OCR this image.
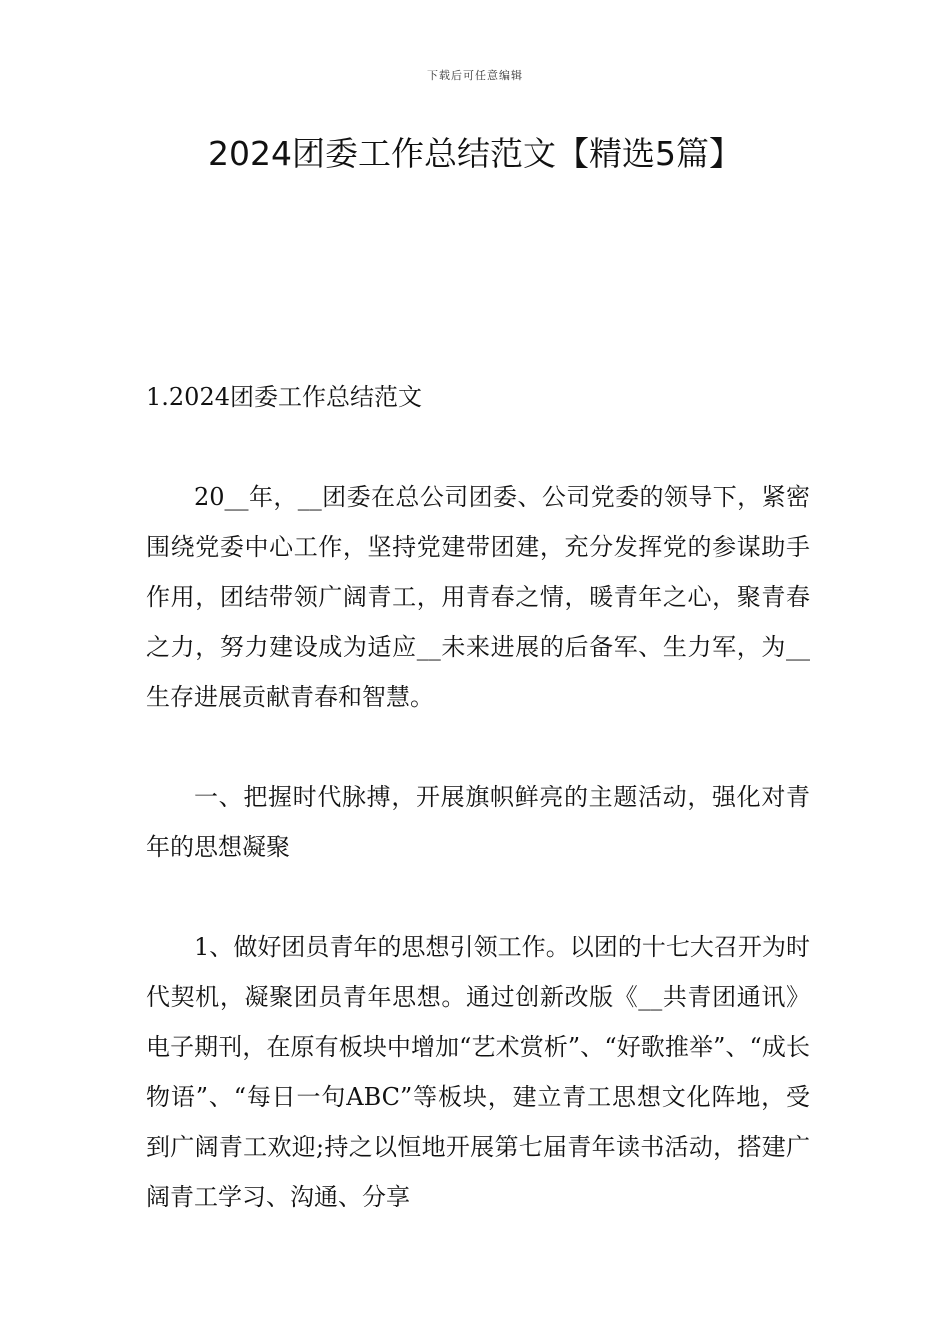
下载后可任意编辑
2024团委工作总结范文【精选5篇】

1.2024团委工作总结范文

20__年，__团委在总公司团委、公司党委的领导下，紧密围绕党委中心工作，坚持党建带团建，充分发挥党的参谋助手作用，团结带领广阔青工，用青春之情，暖青年之心，聚青春之力，努力建设成为适应__未来进展的后备军、生力军，为__生存进展贡献青春和智慧。

一、把握时代脉搏，开展旗帜鲜亮的主题活动，强化对青年的思想凝聚

1、做好团员青年的思想引领工作。以团的十七大召开为时代契机，凝聚团员青年思想。通过创新改版《__共青团通讯》电子期刊，在原有板块中增加“艺术赏析”、“好歌推举”、“成长物语”、“每日一句ABC”等板块，建立青工思想文化阵地，受到广阔青工欢迎;持之以恒地开展第七届青年读书活动，搭建广阔青工学习、沟通、分享
